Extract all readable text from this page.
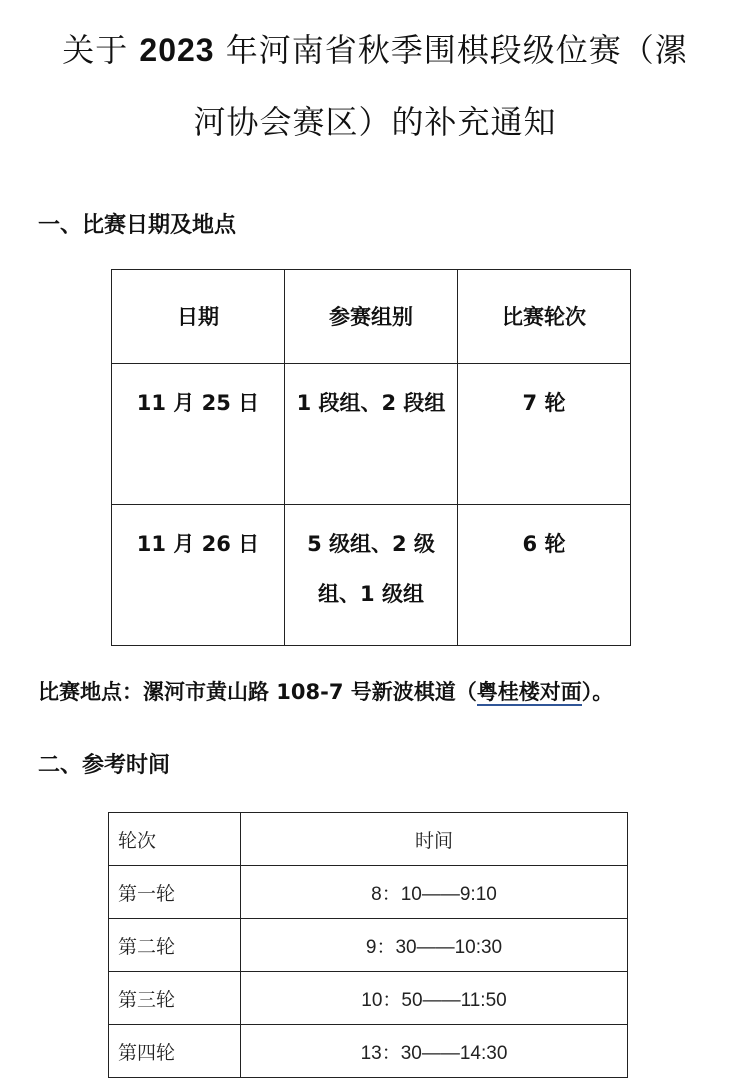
关于 2023 年河南省秋季围棋段级位赛（漯
河协会赛区）的补充通知
一、比赛日期及地点
日期	参赛组别	比赛轮次
11 月 25 日	1 段组、2 段组	7 轮
11 月 26 日	5 级组、2 级组、1 级组	6 轮
比赛地点：漯河市黄山路 108-7 号新波棋道（粤桂楼对面）。
二、参考时间
轮次	时间
第一轮	8：10——9:10
第二轮	9：30——10:30
第三轮	10：50——11:50
第四轮	13：30——14:30
